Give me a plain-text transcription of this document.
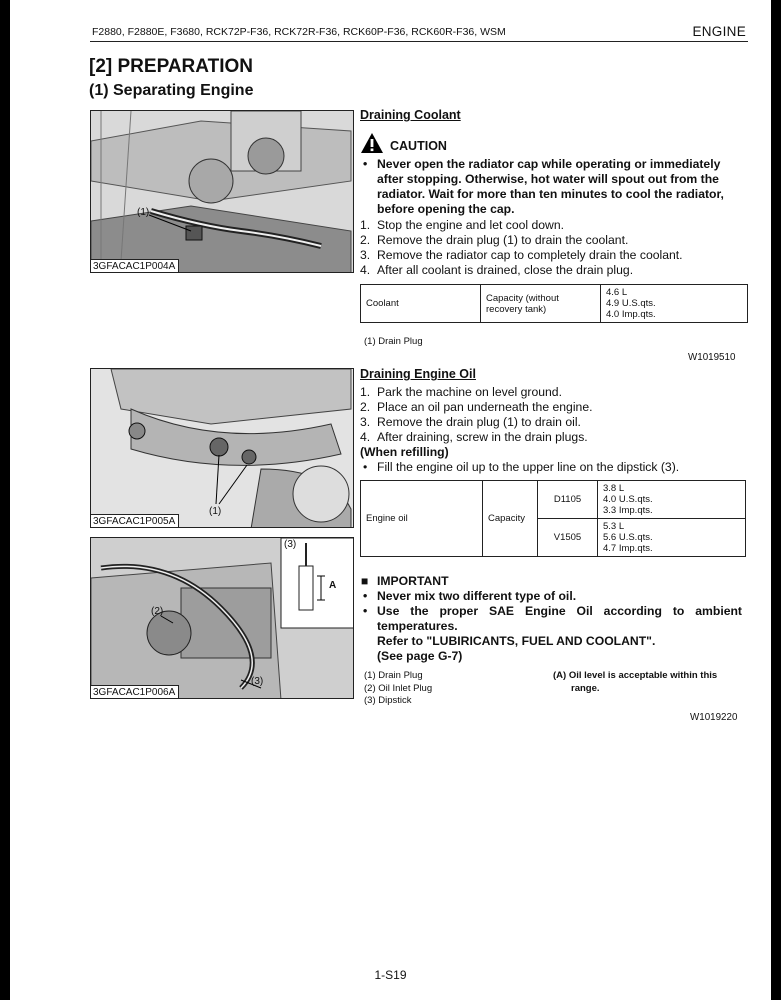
F2880, F2880E, F3680, RCK72P-F36, RCK72R-F36, RCK60P-F36, RCK60R-F36, WSM	ENGINE
[2] PREPARATION
(1) Separating Engine
3GFACAC1P004A
(1)
3GFACAC1P005A
(1)
3GFACAC1P006A
(2)
(3)
(3)
A
Draining Coolant
CAUTION
• Never open the radiator cap while operating or immediately after stopping. Otherwise, hot water will spout out from the radiator. Wait for more than ten minutes to cool the radiator, before opening the cap.
1. Stop the engine and let cool down.
2. Remove the drain plug (1) to drain the coolant.
3. Remove the radiator cap to completely drain the coolant.
4. After all coolant is drained, close the drain plug.
Coolant	Capacity (without recovery tank)	
4.6 L
4.9 U.S.qts.
4.0 Imp.qts.
(1) Drain Plug
W1019510
Draining Engine Oil
1. Park the machine on level ground.
2. Place an oil pan underneath the engine.
3. Remove the drain plug (1) to drain oil.
4. After draining, screw in the drain plugs.
(When refilling)
• Fill the engine oil up to the upper line on the dipstick (3).
Engine oil	Capacity	D1105	3.8 L
4.0 U.S.qts.
3.3 Imp.qts.

		V1505	5.3 L
5.6 U.S.qts.
4.7 Imp.qts.
■ IMPORTANT
• Never mix two different type of oil.
• Use the proper SAE Engine Oil according to ambient temperatures.
Refer to "LUBIRICANTS, FUEL AND COOLANT".
(See page G-7)
(1) Drain Plug
(2) Oil Inlet Plug
(3) Dipstick
(A) Oil level is acceptable within this
range.
W1019220
1-S19
